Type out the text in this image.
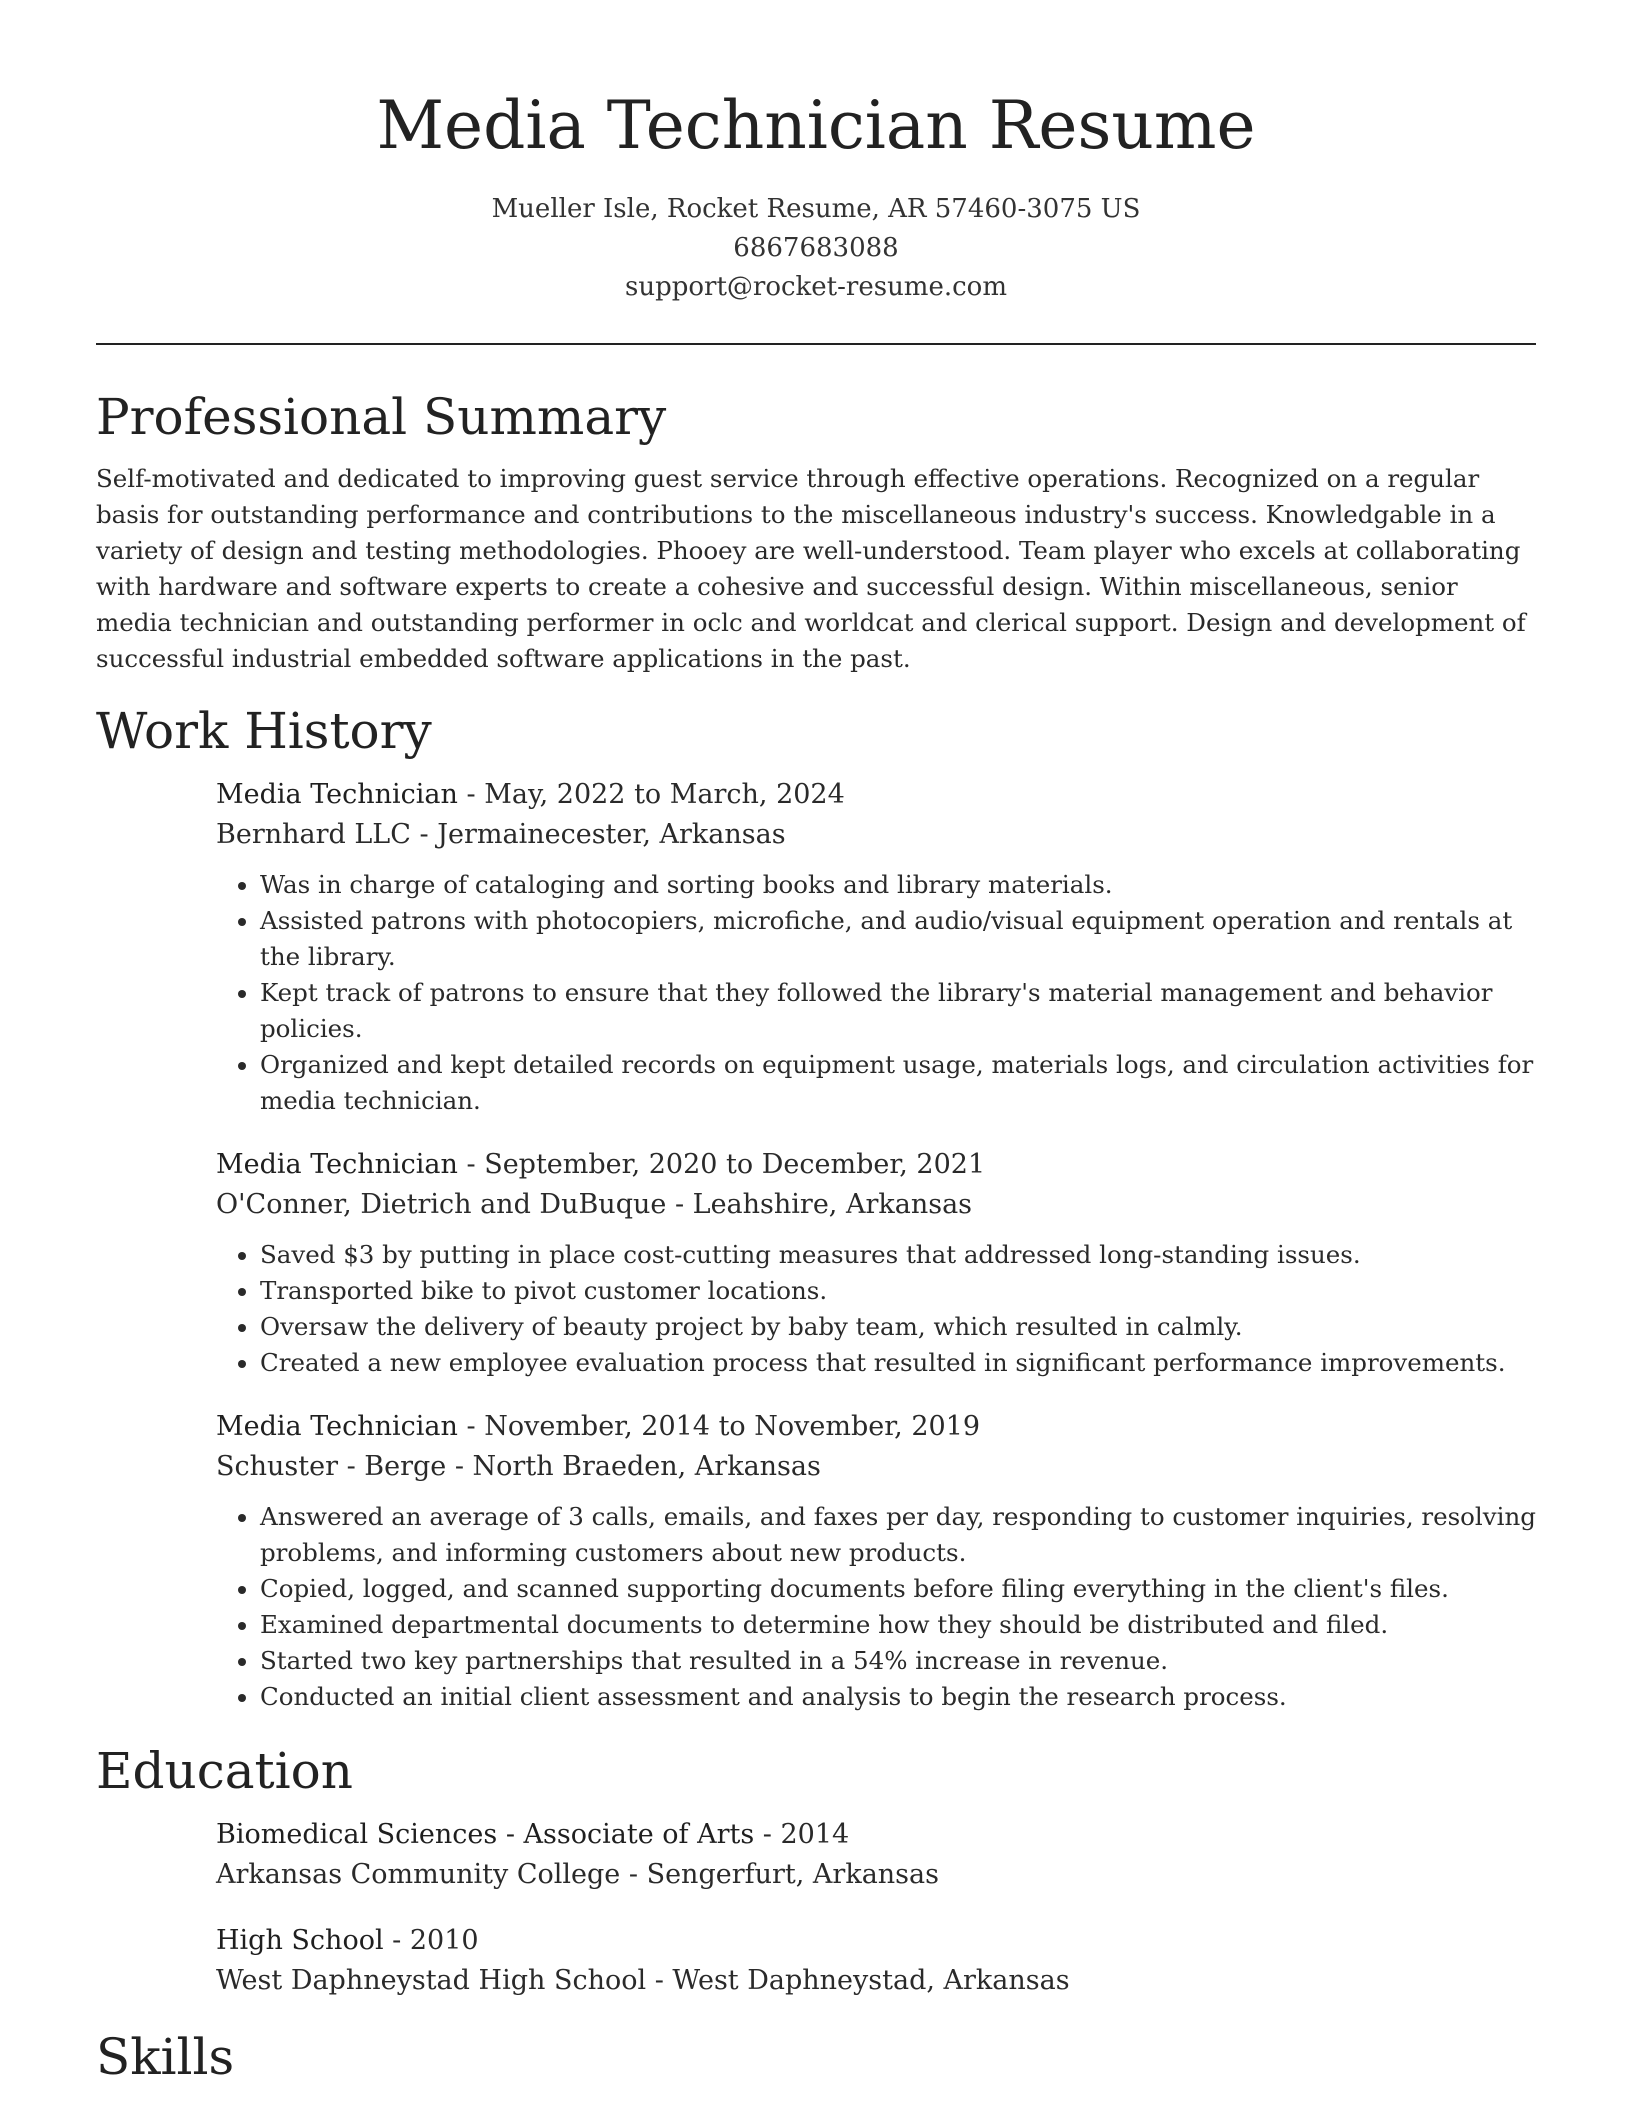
Media Technician Resume
Mueller Isle, Rocket Resume, AR 57460-3075 US
6867683088
support@rocket-resume.com
Professional Summary

Self-motivated and dedicated to improving guest service through effective operations. Recognized on a regular basis for outstanding performance and contributions to the miscellaneous industry's success. Knowledgable in a variety of design and testing methodologies. Phooey are well-understood. Team player who excels at collaborating with hardware and software experts to create a cohesive and successful design. Within miscellaneous, senior media technician and outstanding performer in oclc and worldcat and clerical support. Design and development of successful industrial embedded software applications in the past.

Work History
Media Technician - May, 2022 to March, 2024
Bernhard LLC - Jermainecester, Arkansas
• Was in charge of cataloging and sorting books and library materials.
• Assisted patrons with photocopiers, microfiche, and audio/visual equipment operation and rentals at the library.
• Kept track of patrons to ensure that they followed the library's material management and behavior policies.
• Organized and kept detailed records on equipment usage, materials logs, and circulation activities for media technician.
Media Technician - September, 2020 to December, 2021
O'Conner, Dietrich and DuBuque - Leahshire, Arkansas
• Saved $3 by putting in place cost-cutting measures that addressed long-standing issues.
• Transported bike to pivot customer locations.
• Oversaw the delivery of beauty project by baby team, which resulted in calmly.
• Created a new employee evaluation process that resulted in significant performance improvements.
Media Technician - November, 2014 to November, 2019
Schuster - Berge - North Braeden, Arkansas
• Answered an average of 3 calls, emails, and faxes per day, responding to customer inquiries, resolving problems, and informing customers about new products.
• Copied, logged, and scanned supporting documents before filing everything in the client's files.
• Examined departmental documents to determine how they should be distributed and filed.
• Started two key partnerships that resulted in a 54% increase in revenue.
• Conducted an initial client assessment and analysis to begin the research process.
Education
Biomedical Sciences - Associate of Arts - 2014
Arkansas Community College - Sengerfurt, Arkansas
High School - 2010
West Daphneystad High School - West Daphneystad, Arkansas
Skills
